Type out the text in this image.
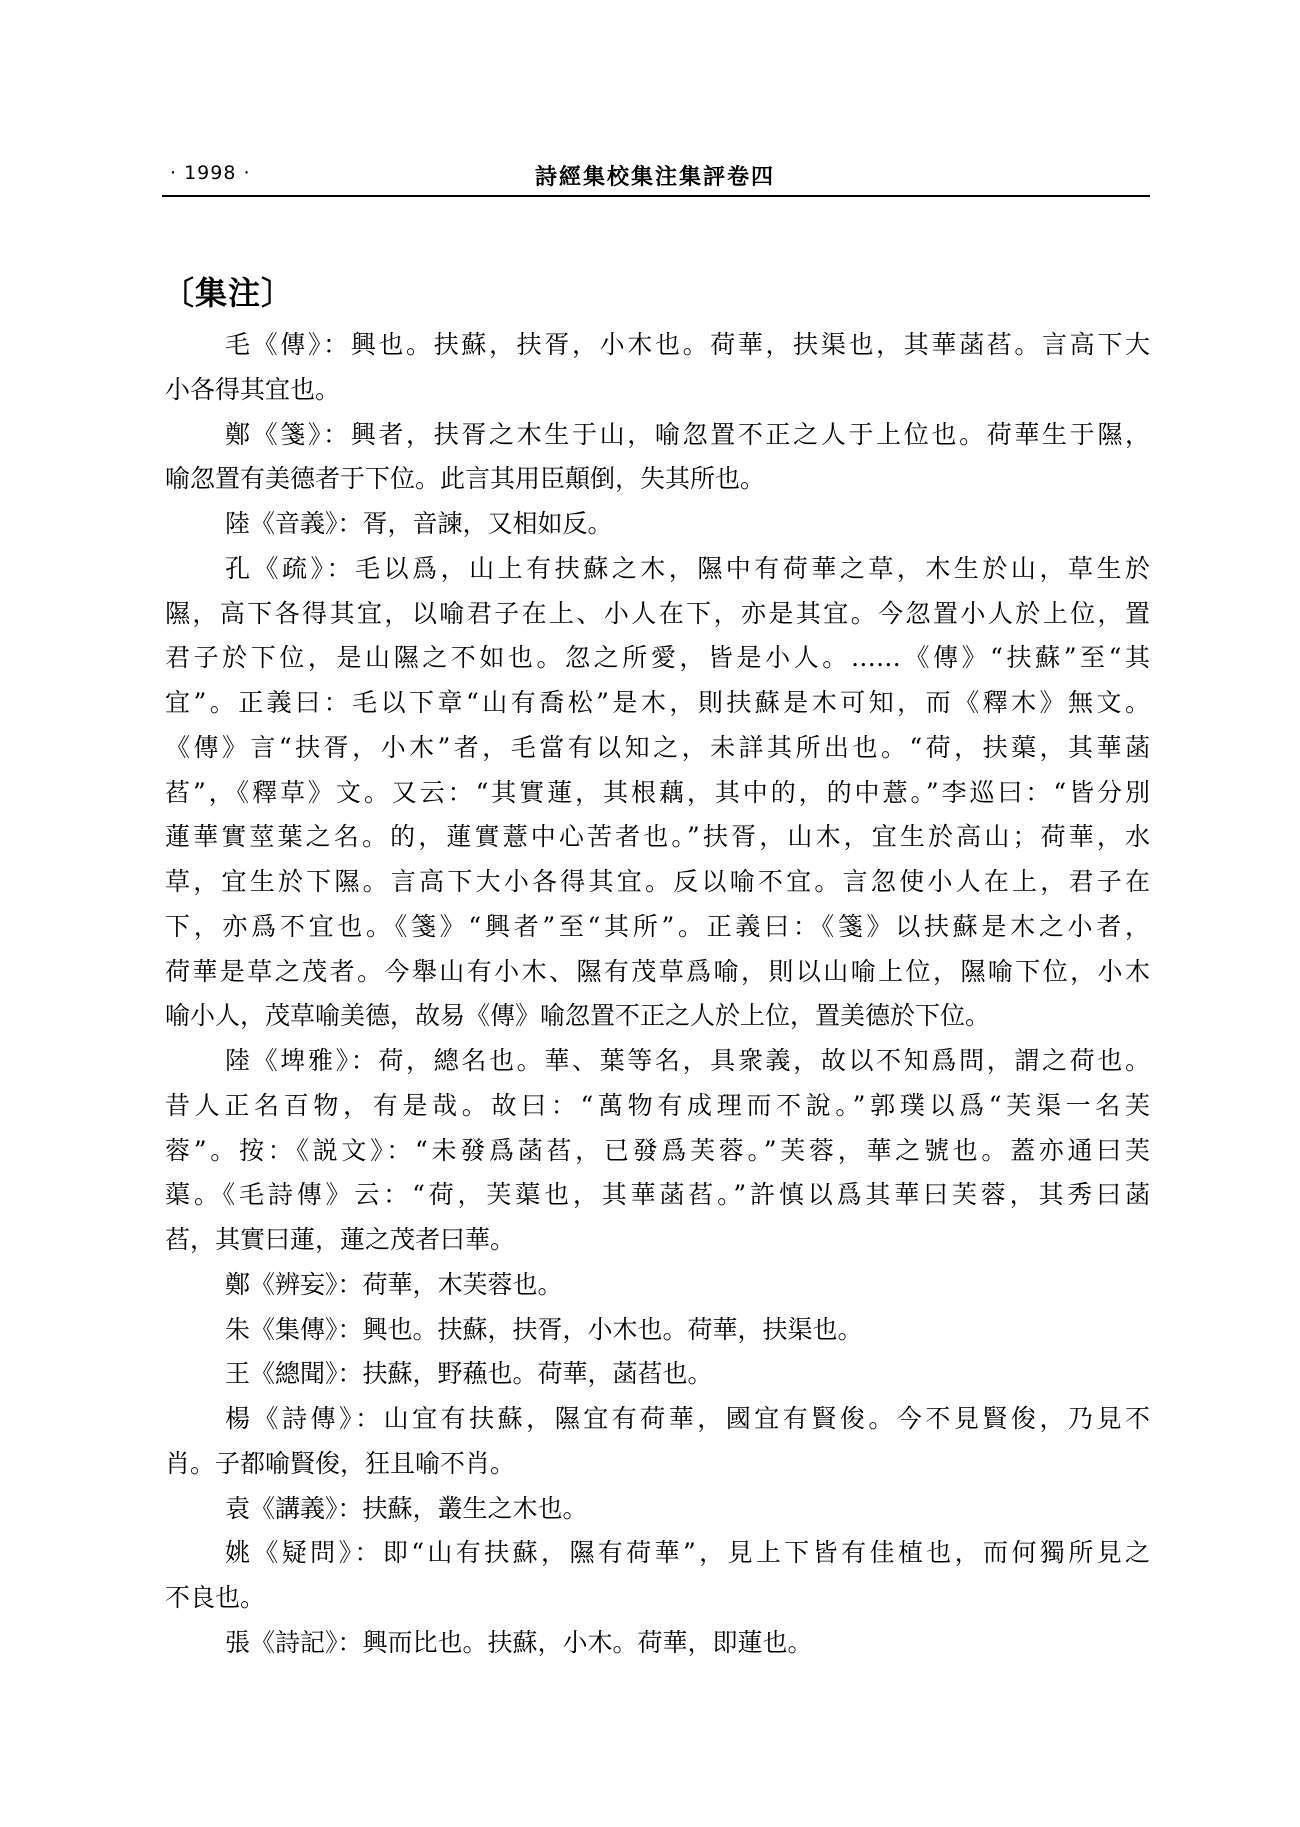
· 1998 ·	詩經集校集注集評卷四
〔集注〕
毛《傳》：興也。扶蘇，扶胥，小木也。荷華，扶渠也，其華菡萏。言高下大
小各得其宜也。
鄭《箋》：興者，扶胥之木生于山，喻忽置不正之人于上位也。荷華生于隰，
喻忽置有美德者于下位。此言其用臣顛倒，失其所也。
陸《音義》：胥，音諫，又相如反。
孔《疏》：毛以爲，山上有扶蘇之木，隰中有荷華之草，木生於山，草生於
隰，高下各得其宜，以喻君子在上、小人在下，亦是其宜。今忽置小人於上位，置
君子於下位，是山隰之不如也。忽之所愛，皆是小人。……《傳》“扶蘇”至“其
宜”。正義曰：毛以下章“山有喬松”是木，則扶蘇是木可知，而《釋木》無文。
《傳》言“扶胥，小木”者，毛當有以知之，未詳其所出也。“荷，扶蕖，其華菡
萏”，《釋草》文。又云：“其實蓮，其根藕，其中的，的中薏。”李巡曰：“皆分別
蓮華實莖葉之名。的，蓮實薏中心苦者也。”扶胥，山木，宜生於高山；荷華，水
草，宜生於下隰。言高下大小各得其宜。反以喻不宜。言忽使小人在上，君子在
下，亦爲不宜也。《箋》“興者”至“其所”。正義曰：《箋》以扶蘇是木之小者，
荷華是草之茂者。今舉山有小木、隰有茂草爲喻，則以山喻上位，隰喻下位，小木
喻小人，茂草喻美德，故易《傳》喻忽置不正之人於上位，置美德於下位。
陸《埤雅》：荷，總名也。華、葉等名，具衆義，故以不知爲問，謂之荷也。
昔人正名百物，有是哉。故曰：“萬物有成理而不說。”郭璞以爲“芙渠一名芙
蓉”。按：《説文》：“未發爲菡萏，已發爲芙蓉。”芙蓉，華之號也。蓋亦通曰芙
蕖。《毛詩傳》云：“荷，芙蕖也，其華菡萏。”許慎以爲其華曰芙蓉，其秀曰菡
萏，其實曰蓮，蓮之茂者曰華。
鄭《辨妄》：荷華，木芙蓉也。
朱《集傳》：興也。扶蘇，扶胥，小木也。荷華，扶渠也。
王《總聞》：扶蘇，野蘓也。荷華，菡萏也。
楊《詩傳》：山宜有扶蘇，隰宜有荷華，國宜有賢俊。今不見賢俊，乃見不
肖。子都喻賢俊，狂且喻不肖。
袁《講義》：扶蘇，叢生之木也。
姚《疑問》：即“山有扶蘇，隰有荷華”，見上下皆有佳植也，而何獨所見之
不良也。
張《詩記》：興而比也。扶蘇，小木。荷華，即蓮也。
